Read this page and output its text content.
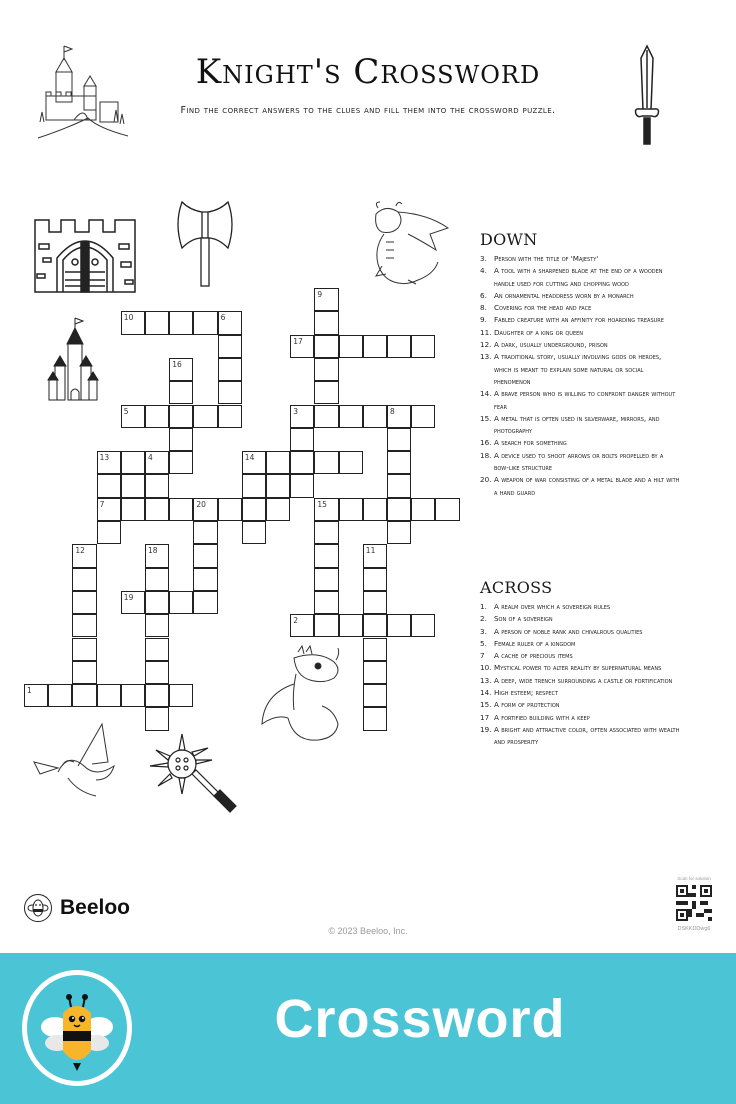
Knight's Crossword
Find the correct answers to the clues and fill them into the crossword puzzle.
9
10	6
17
16
5	3	8
13	4
7
14
20	15
12	18	11
19
2
1
DOWN
3. Person with the title of 'Majesty'
4. A tool with a sharpened blade at the end of a wooden handle used for cutting and chopping wood
6. An ornamental headdress worn by a monarch
8. Covering for the head and face
9. Fabled creature with an affinity for hoarding treasure
11. Daughter of a king or queen
12. A dark, usually underground, prison
13. A traditional story, usually involving gods or heroes, which is meant to explain some natural or social phenomenon
14. A brave person who is willing to confront danger without fear
15. A metal that is often used in silverware, mirrors, and photography
16. A search for something
18. A device used to shoot arrows or bolts propelled by a bow-like structure
20. A weapon of war consisting of a metal blade and a hilt with a hand guard
ACROSS
1. A realm over which a sovereign rules
2. Son of a sovereign
3. A person of noble rank and chivalrous qualities
5. Female ruler of a kingdom
7 A cache of precious items
10. Mystical power to alter reality by supernatural means
13. A deep, wide trench surrounding a castle or fortification
14. High esteem; respect
15. A form of protection
17 A fortified building with a keep
19. A bright and attractive color, often associated with wealth and prosperity
Beeloo
© 2023 Beeloo, Inc.
Scan for solution
DSKKDDwg6
Crossword
